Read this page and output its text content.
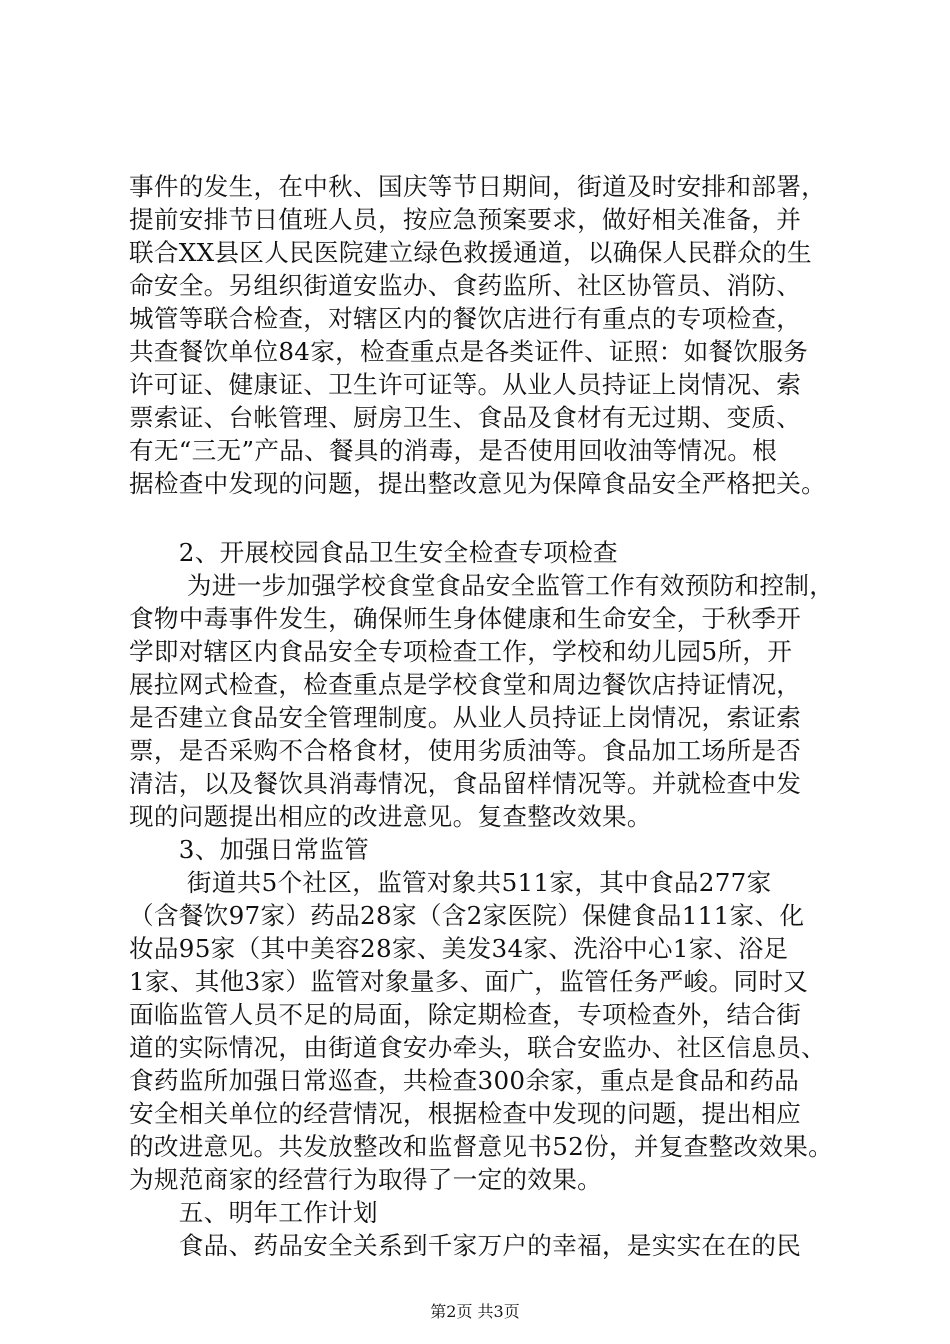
事件的发生，在中秋、国庆等节日期间，街道及时安排和部署，
提前安排节日值班人员，按应急预案要求，做好相关准备，并
联合XX县区人民医院建立绿色救援通道，以确保人民群众的生
命安全。另组织街道安监办、食药监所、社区协管员、消防、
城管等联合检查，对辖区内的餐饮店进行有重点的专项检查，
共查餐饮单位84家，检查重点是各类证件、证照：如餐饮服务
许可证、健康证、卫生许可证等。从业人员持证上岗情况、索
票索证、台帐管理、厨房卫生、食品及食材有无过期、变质、
有无“三无”产品、餐具的消毒，是否使用回收油等情况。根
据检查中发现的问题，提出整改意见为保障食品安全严格把关。
　　2、开展校园食品卫生安全检查专项检查
　　 为进一步加强学校食堂食品安全监管工作有效预防和控制，
食物中毒事件发生，确保师生身体健康和生命安全，于秋季开
学即对辖区内食品安全专项检查工作，学校和幼儿园5所，开
展拉网式检查，检查重点是学校食堂和周边餐饮店持证情况，
是否建立食品安全管理制度。从业人员持证上岗情况，索证索
票，是否采购不合格食材，使用劣质油等。食品加工场所是否
清洁，以及餐饮具消毒情况，食品留样情况等。并就检查中发
现的问题提出相应的改进意见。复查整改效果。
　　3、加强日常监管
　　 街道共5个社区，监管对象共511家，其中食品277家
（含餐饮97家）药品28家（含2家医院）保健食品111家、化
妆品95家（其中美容28家、美发34家、洗浴中心1家、浴足
1家、其他3家）监管对象量多、面广，监管任务严峻。同时又
面临监管人员不足的局面，除定期检查，专项检查外，结合街
道的实际情况，由街道食安办牵头，联合安监办、社区信息员、
食药监所加强日常巡查，共检查300余家，重点是食品和药品
安全相关单位的经营情况，根据检查中发现的问题，提出相应
的改进意见。共发放整改和监督意见书52份，并复查整改效果。
为规范商家的经营行为取得了一定的效果。
　　五、明年工作计划
　　食品、药品安全关系到千家万户的幸福，是实实在在的民
第2页 共3页
